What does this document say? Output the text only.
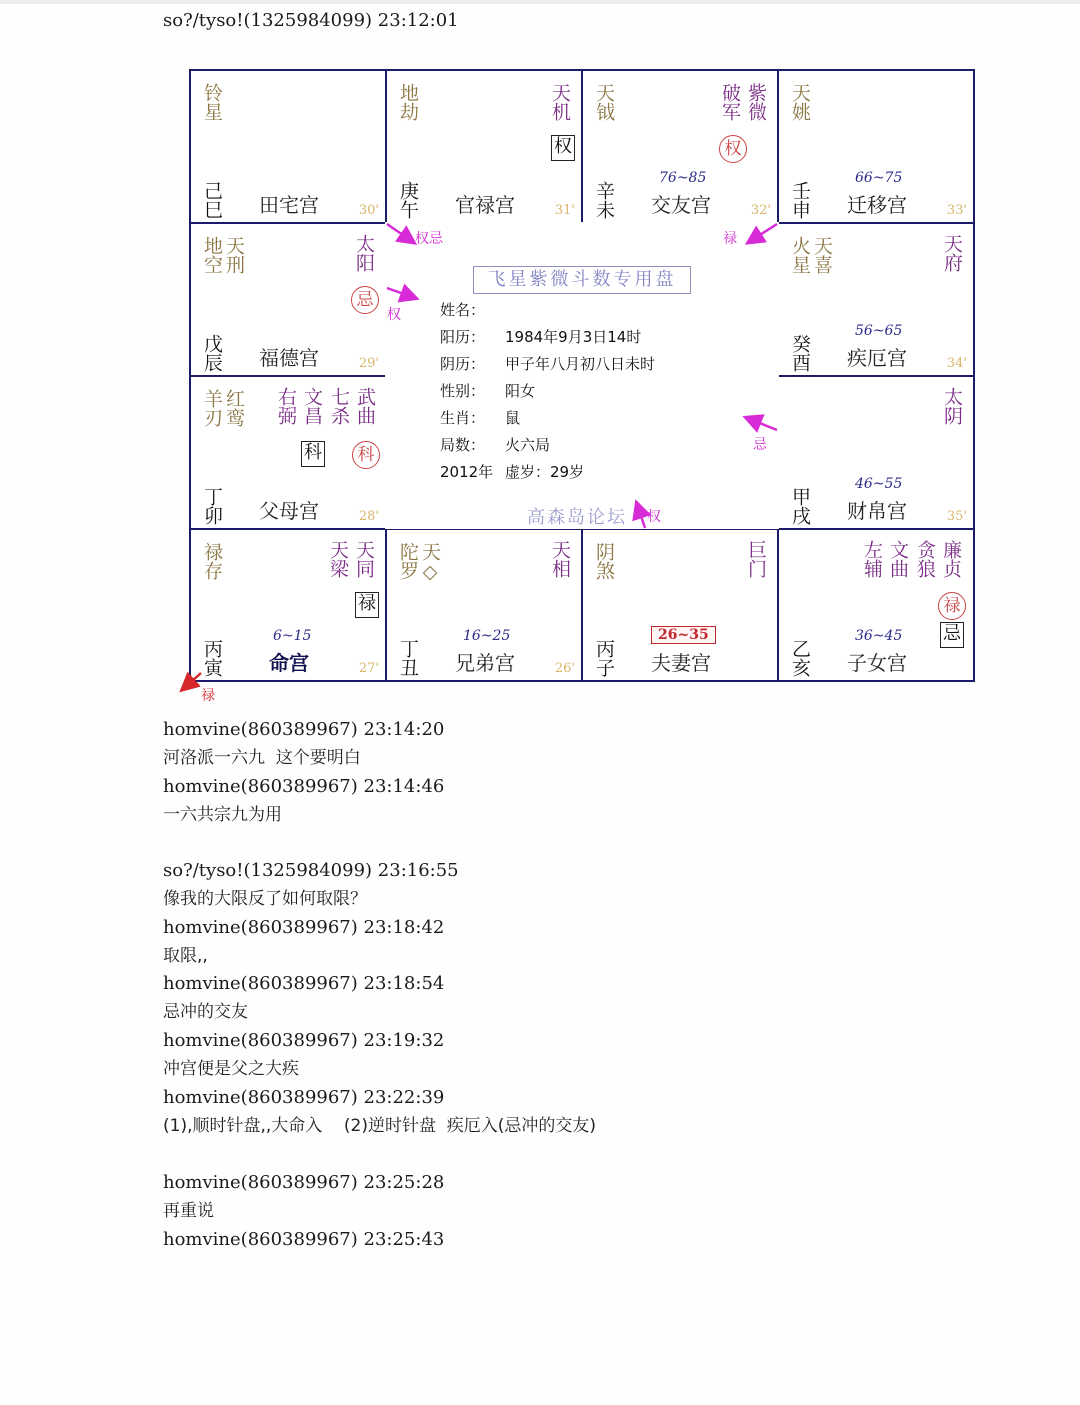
so?/tyso!(1325984099) 23:12:01
铃星
己巳 田宅宫	30'
地劫	天机
权
庚午 官禄宫	31'
天钺	破军 紫微
权
76~85
辛未 交友宫	32'
天姚
66~75
壬申 迁移宫	33'
地空 天刑	太阳
忌
戊辰 福德宫	29'
火星 天喜	天府
56~65
癸酉 疾厄宫	34'
羊刃 红鸾 右弼 文昌 七杀 武曲
科	科
丁卯 父母宫	28'
太阴
46~55
甲戌 财帛宫	35'
禄存	天梁 天同
禄
6~15
丙寅 命宫	27'
陀罗 天◇	天相
16~25
丁丑 兄弟宫	26'
阴煞	巨门
26~35
丙子 夫妻宫
左辅 文曲 贪狼 廉贞
禄
忌
36~45
乙亥 子女宫
飞星紫微斗数专用盘
姓名：
阳历： 1984年9月3日14时
阴历： 甲子年八月初八日未时
性别： 阳女
生肖： 鼠
局数： 火六局
2012年 虚岁：29岁
高森岛论坛
权忌
权
禄
忌
权
禄
homvine(860389967) 23:14:20
河洛派一六九  这个要明白
homvine(860389967) 23:14:46
一六共宗九为用
so?/tyso!(1325984099) 23:16:55
像我的大限反了如何取限？
homvine(860389967) 23:18:42
取限,,
homvine(860389967) 23:18:54
忌冲的交友
homvine(860389967) 23:19:32
冲宫便是父之大疾
homvine(860389967) 23:22:39
(1),顺时针盘,,大命入    (2)逆时针盘  疾厄入(忌冲的交友)
homvine(860389967) 23:25:28
再重说
homvine(860389967) 23:25:43
